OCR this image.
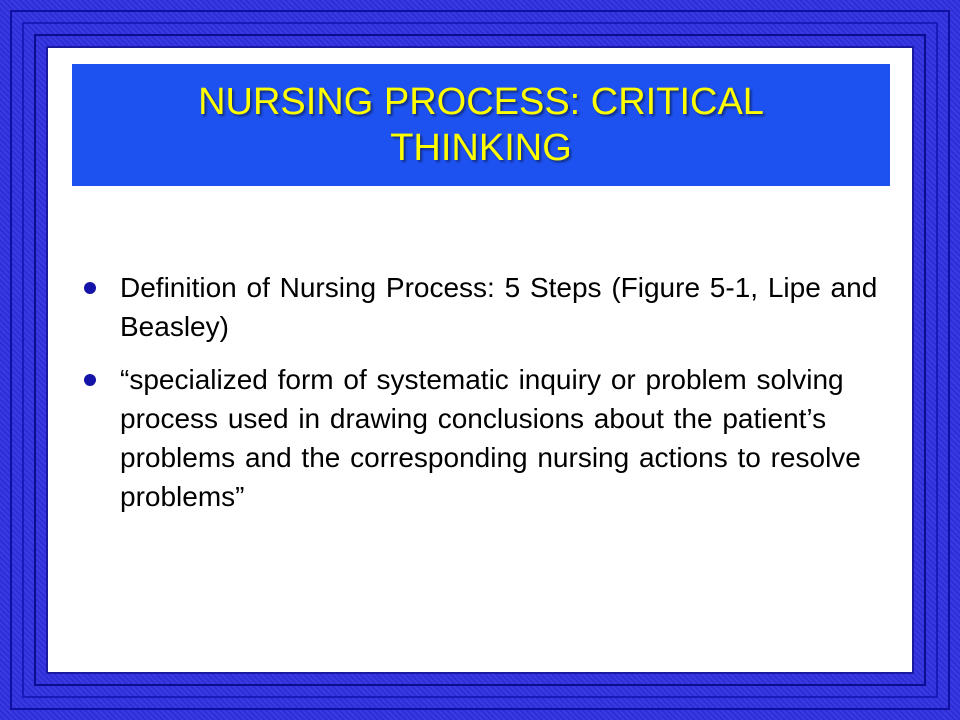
NURSING PROCESS: CRITICAL THINKING
Definition of Nursing Process: 5 Steps (Figure 5-1, Lipe and Beasley)
“specialized form of systematic inquiry or problem solving process used in drawing conclusions about the patient’s problems and the corresponding nursing actions to resolve problems”
